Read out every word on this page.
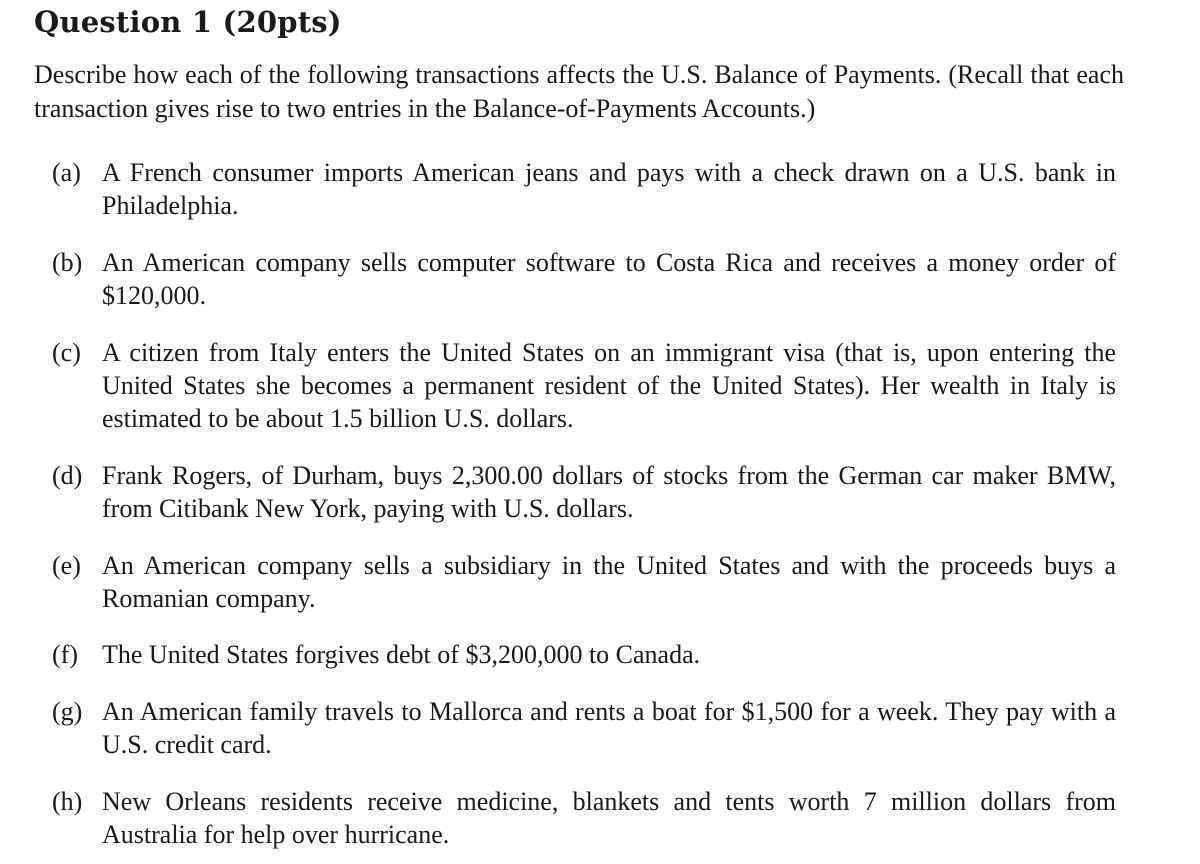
Question 1 (20pts)
Describe how each of the following transactions affects the U.S. Balance of Payments. (Recall that each transaction gives rise to two entries in the Balance-of-Payments Accounts.)
(a) A French consumer imports American jeans and pays with a check drawn on a U.S. bank in Philadelphia.
(b) An American company sells computer software to Costa Rica and receives a money order of $120,000.
(c) A citizen from Italy enters the United States on an immigrant visa (that is, upon entering the United States she becomes a permanent resident of the United States). Her wealth in Italy is estimated to be about 1.5 billion U.S. dollars.
(d) Frank Rogers, of Durham, buys 2,300.00 dollars of stocks from the German car maker BMW, from Citibank New York, paying with U.S. dollars.
(e) An American company sells a subsidiary in the United States and with the proceeds buys a Romanian company.
(f) The United States forgives debt of $3,200,000 to Canada.
(g) An American family travels to Mallorca and rents a boat for $1,500 for a week. They pay with a U.S. credit card.
(h) New Orleans residents receive medicine, blankets and tents worth 7 million dollars from Australia for help over hurricane.
